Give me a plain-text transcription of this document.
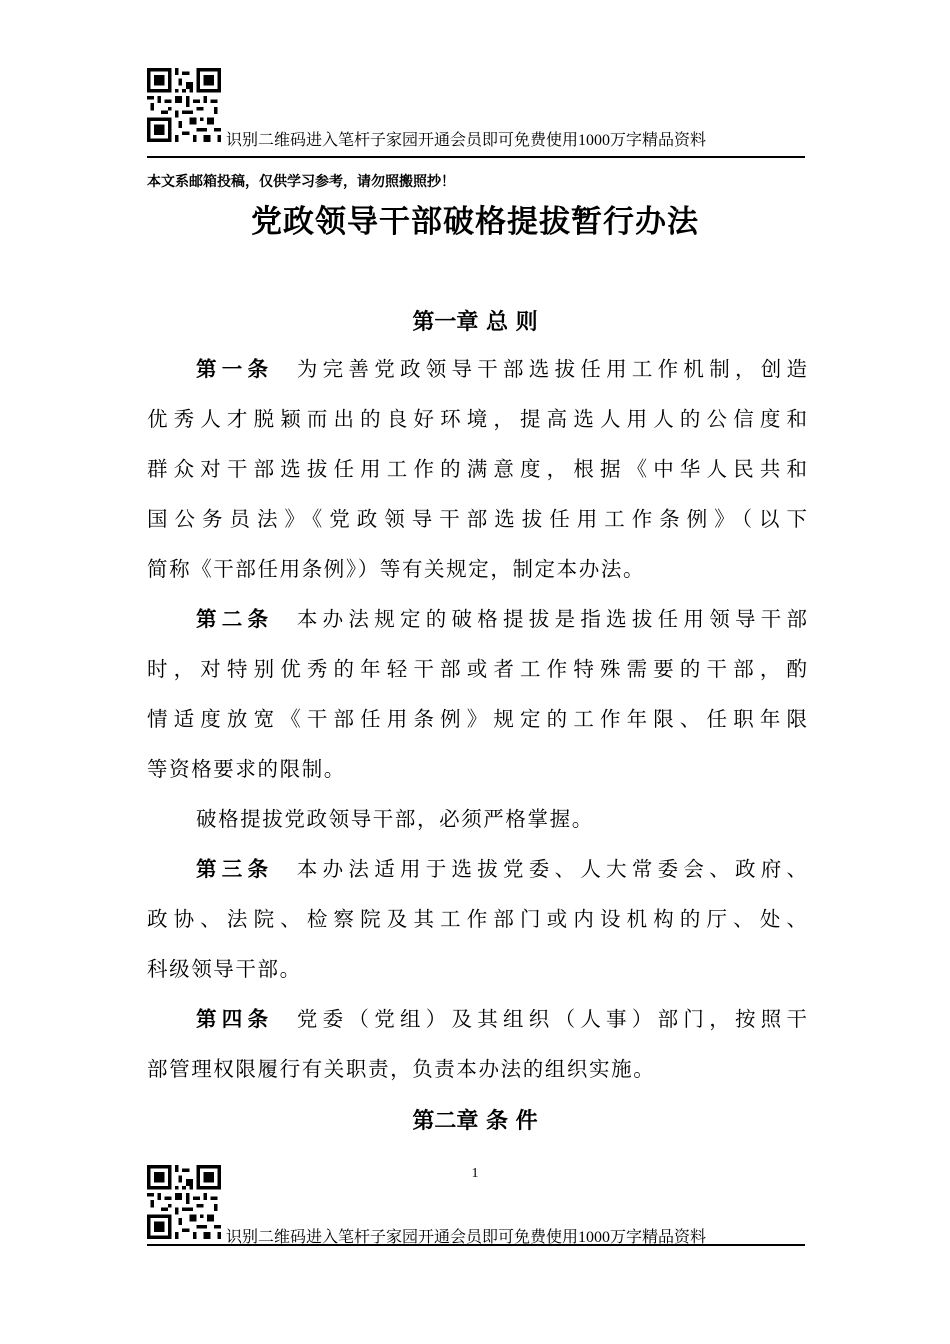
识别二维码进入笔杆子家园开通会员即可免费使用1000万字精品资料
本文系邮箱投稿，仅供学习参考，请勿照搬照抄！
党政领导干部破格提拔暂行办法
第一章 总 则
第一条 为完善党政领导干部选拔任用工作机制，创造
优秀人才脱颖而出的良好环境，提高选人用人的公信度和
群众对干部选拔任用工作的满意度，根据《中华人民共和
国公务员法》《党政领导干部选拔任用工作条例》（以下
简称《干部任用条例》）等有关规定，制定本办法。
第二条 本办法规定的破格提拔是指选拔任用领导干部
时，对特别优秀的年轻干部或者工作特殊需要的干部，酌
情适度放宽《干部任用条例》规定的工作年限、任职年限
等资格要求的限制。
破格提拔党政领导干部，必须严格掌握。
第三条 本办法适用于选拔党委、人大常委会、政府、
政协、法院、检察院及其工作部门或内设机构的厅、处、
科级领导干部。
第四条 党委（党组）及其组织（人事）部门，按照干
部管理权限履行有关职责，负责本办法的组织实施。
第二章 条 件
1
识别二维码进入笔杆子家园开通会员即可免费使用1000万字精品资料
